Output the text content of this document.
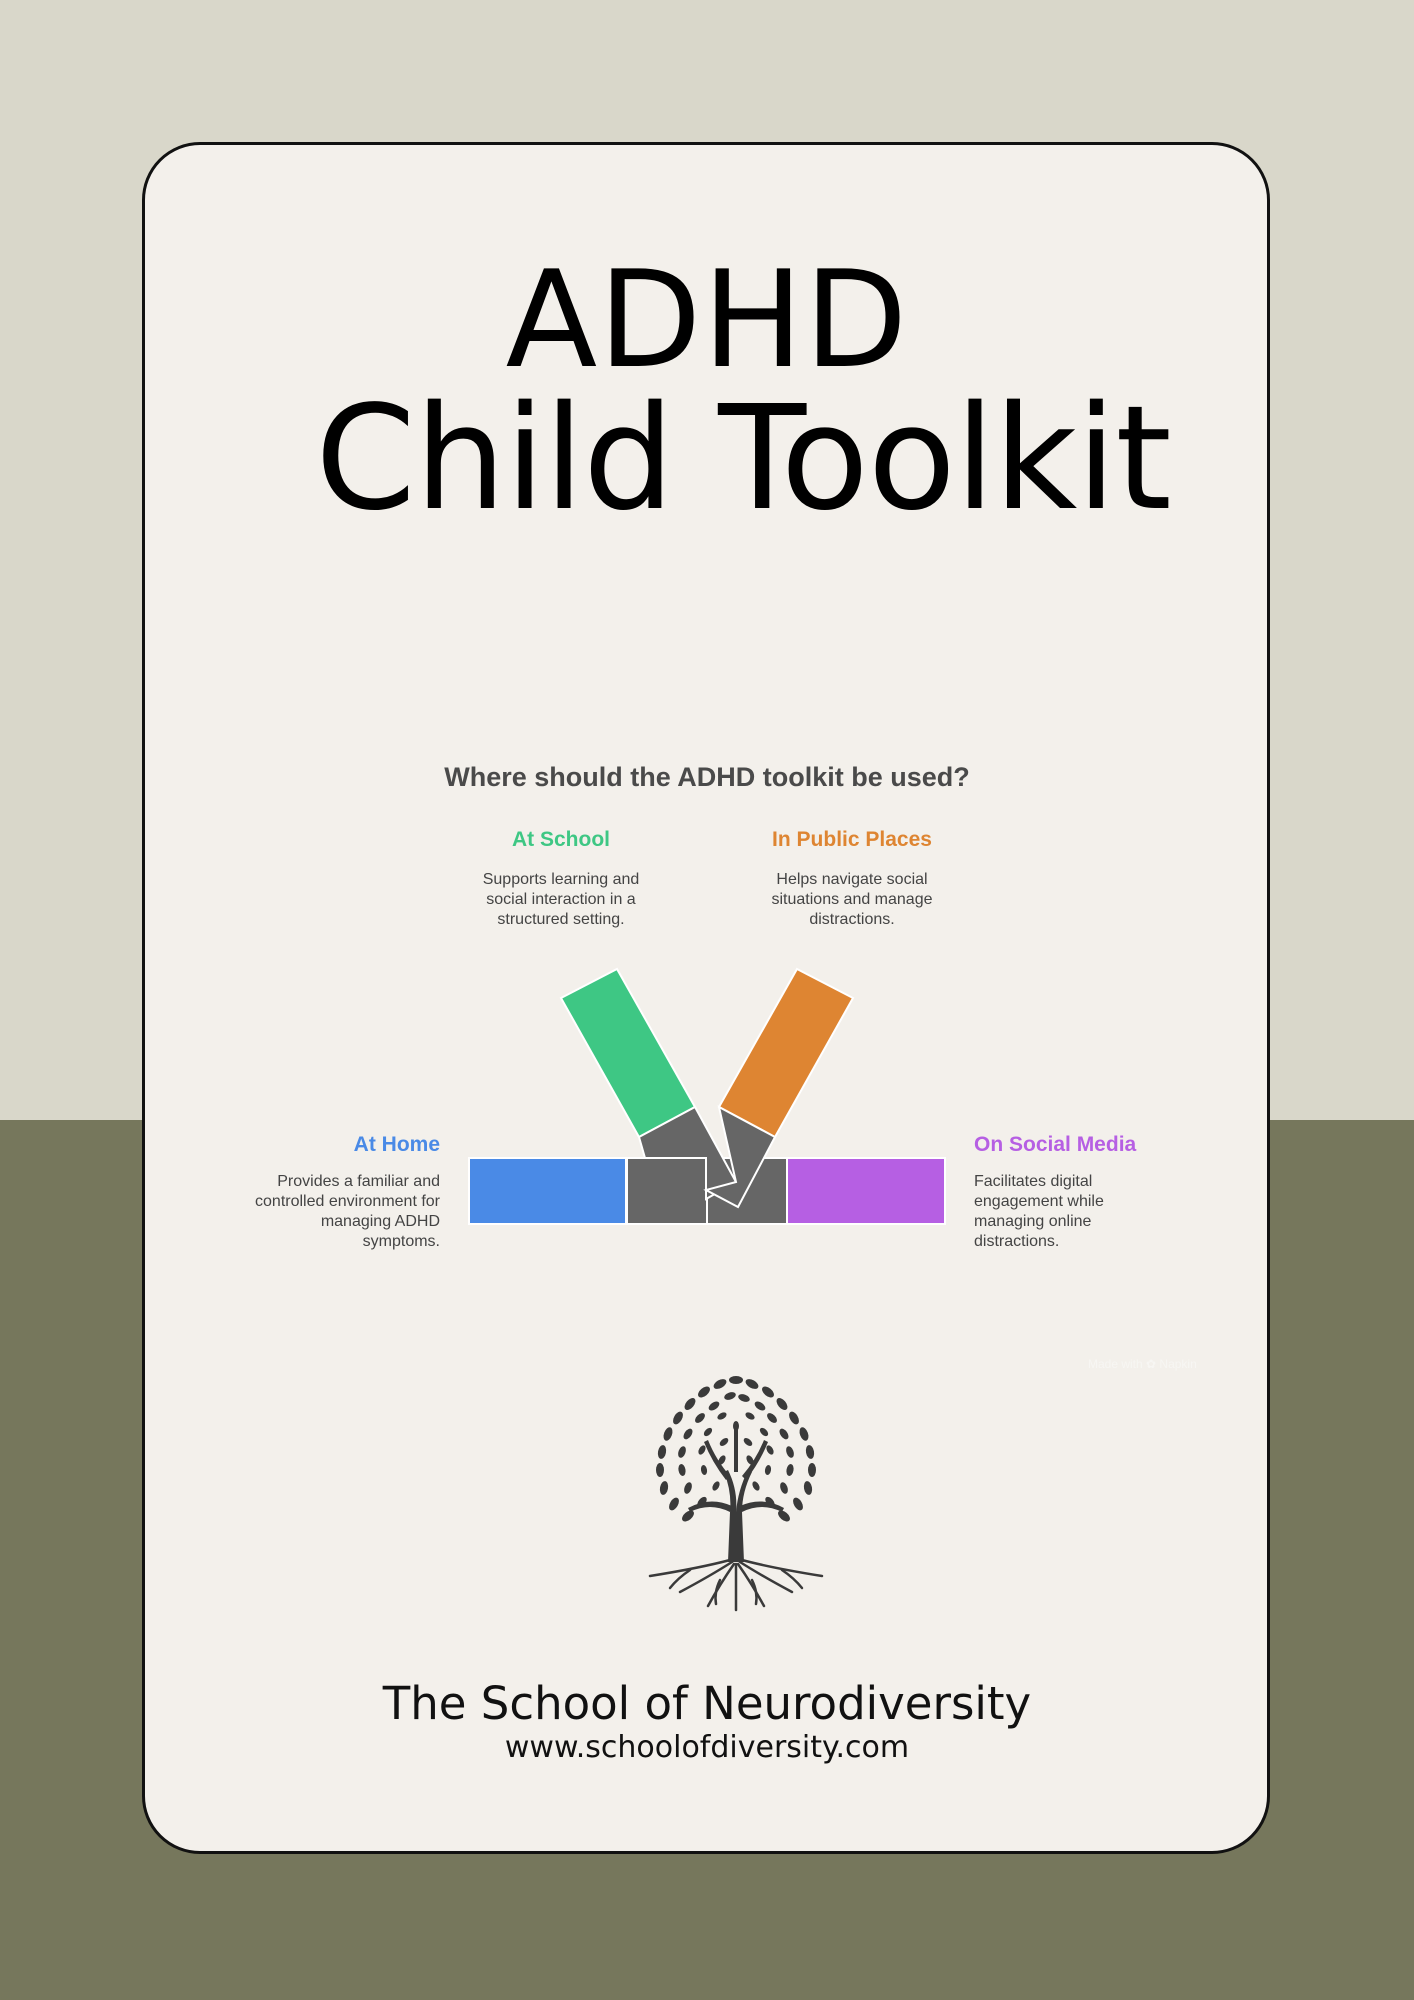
ADHD
Child Toolkit
Where should the ADHD toolkit be used?
At School
Supports learning and social interaction in a structured setting.
In Public Places
Helps navigate social situations and manage distractions.
At Home
Provides a familiar and controlled environment for managing ADHD symptoms.
On Social Media
Facilitates digital engagement while managing online distractions.
Made with ✿ Napkin
The School of Neurodiversity
www.schoolofdiversity.com
